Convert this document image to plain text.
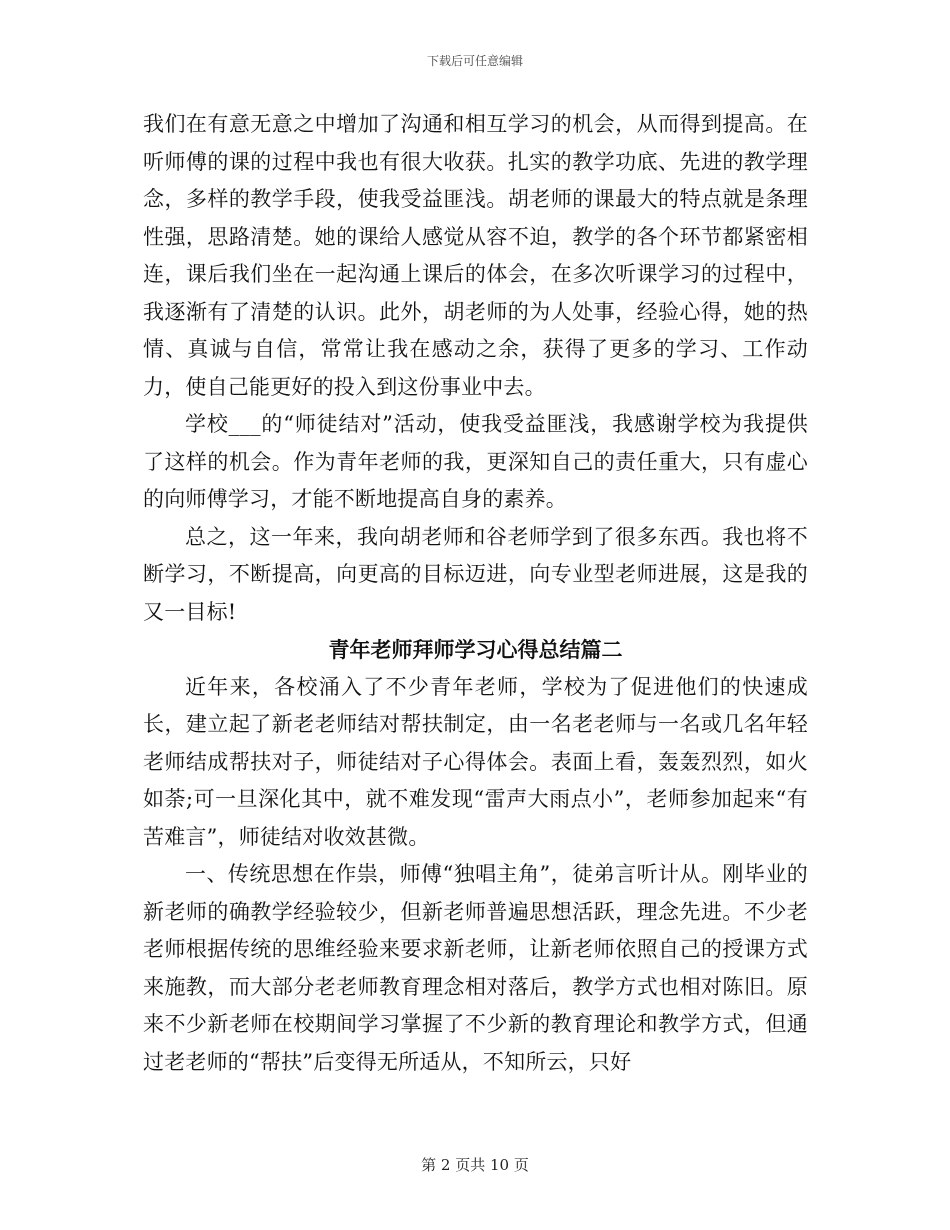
下载后可任意编辑

我们在有意无意之中增加了沟通和相互学习的机会，从而得到提高。在听师傅的课的过程中我也有很大收获。扎实的教学功底、先进的教学理念，多样的教学手段，使我受益匪浅。胡老师的课最大的特点就是条理性强，思路清楚。她的课给人感觉从容不迫，教学的各个环节都紧密相连，课后我们坐在一起沟通上课后的体会，在多次听课学习的过程中，我逐渐有了清楚的认识。此外，胡老师的为人处事，经验心得，她的热情、真诚与自信，常常让我在感动之余，获得了更多的学习、工作动力，使自己能更好的投入到这份事业中去。

学校___的“师徒结对”活动，使我受益匪浅，我感谢学校为我提供了这样的机会。作为青年老师的我，更深知自己的责任重大，只有虚心的向师傅学习，才能不断地提高自身的素养。

总之，这一年来，我向胡老师和谷老师学到了很多东西。我也将不断学习，不断提高，向更高的目标迈进，向专业型老师进展，这是我的又一目标!

青年老师拜师学习心得总结篇二

近年来，各校涌入了不少青年老师，学校为了促进他们的快速成长，建立起了新老老师结对帮扶制定，由一名老老师与一名或几名年轻老师结成帮扶对子，师徒结对子心得体会。表面上看，轰轰烈烈，如火如荼;可一旦深化其中，就不难发现“雷声大雨点小”，老师参加起来“有苦难言”，师徒结对收效甚微。

一、传统思想在作祟，师傅“独唱主角”，徒弟言听计从。刚毕业的新老师的确教学经验较少，但新老师普遍思想活跃，理念先进。不少老老师根据传统的思维经验来要求新老师，让新老师依照自己的授课方式来施教，而大部分老老师教育理念相对落后，教学方式也相对陈旧。原来不少新老师在校期间学习掌握了不少新的教育理论和教学方式，但通过老老师的“帮扶”后变得无所适从，不知所云，只好

第 2 页共 10 页
